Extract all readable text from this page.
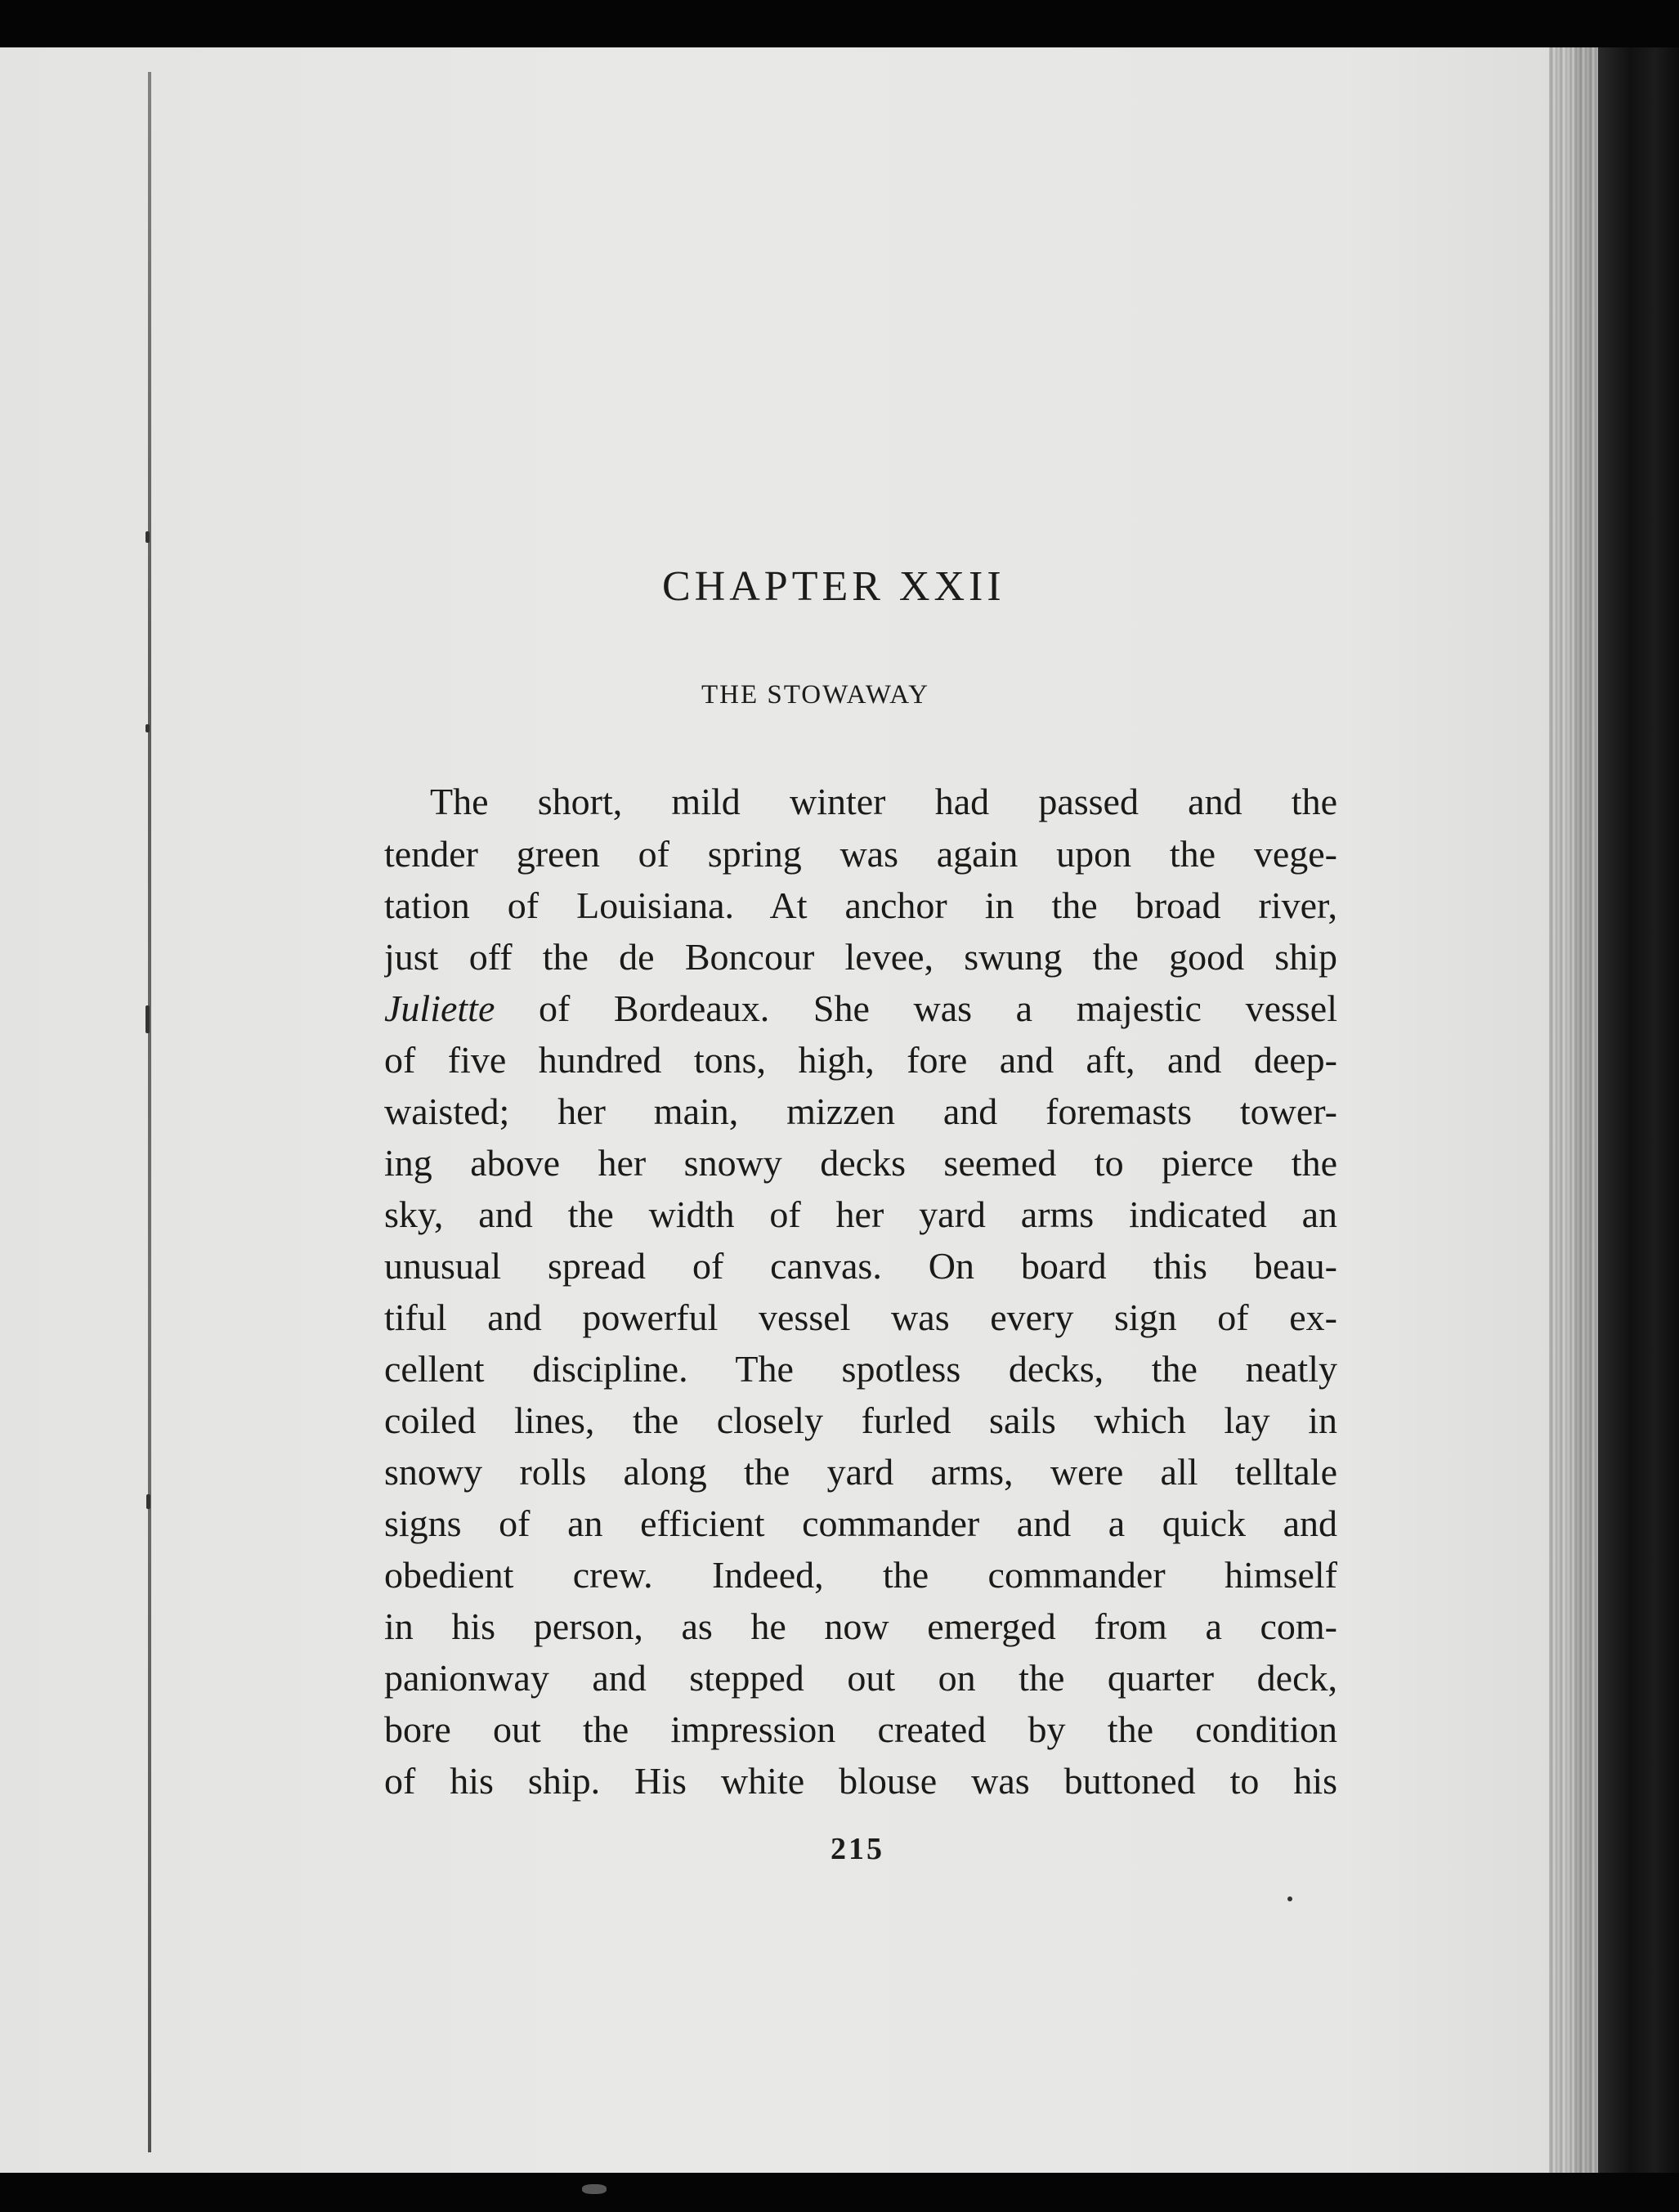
CHAPTER XXII
THE STOWAWAY
The short, mild winter had passed and the
tender green of spring was again upon the vege-
tation of Louisiana. At anchor in the broad river,
just off the de Boncour levee, swung the good ship
Juliette of Bordeaux. She was a majestic vessel
of five hundred tons, high, fore and aft, and deep-
waisted; her main, mizzen and foremasts tower-
ing above her snowy decks seemed to pierce the
sky, and the width of her yard arms indicated an
unusual spread of canvas. On board this beau-
tiful and powerful vessel was every sign of ex-
cellent discipline. The spotless decks, the neatly
coiled lines, the closely furled sails which lay in
snowy rolls along the yard arms, were all telltale
signs of an efficient commander and a quick and
obedient crew. Indeed, the commander himself
in his person, as he now emerged from a com-
panionway and stepped out on the quarter deck,
bore out the impression created by the condition
of his ship. His white blouse was buttoned to his
215
